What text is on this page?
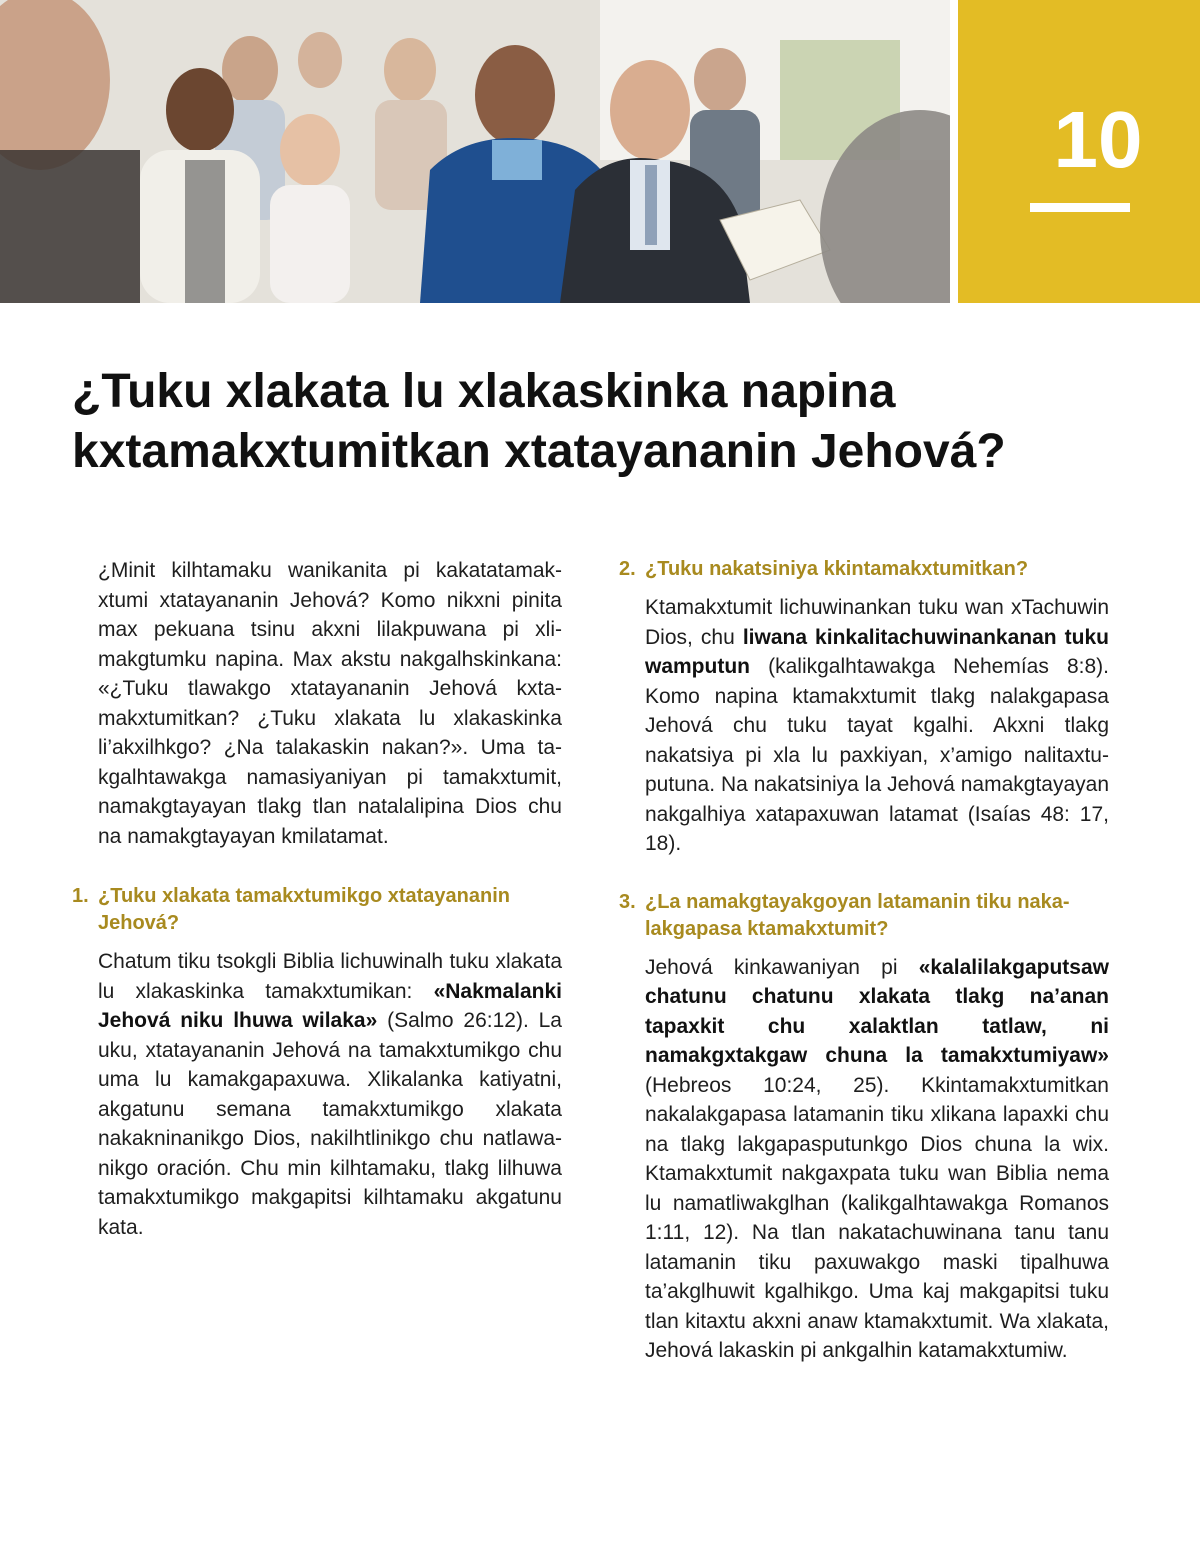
10
¿Tuku xlakata lu xlakaskinka napina kxtamakxtumitkan xtatayananin Jehová?

¿Minit kilhtamaku wanikanita pi kakatatamakxtumi xtatayananin Jehová? Komo nikxni pinita max pekuana tsinu akxni lilakpuwana pi xlimakgtumku napina. Max akstu nakgalhskinkana: «¿Tuku tlawakgo xtatayananin Jehová kxtamakxtumitkan? ¿Tuku xlakata lu xlakaskinka li’akxilhkgo? ¿Na talakaskin nakan?». Uma takgalhtawakga namasiyaniyan pi tamakxtumit, namakgtayayan tlakg tlan natalalipina Dios chu na namakgtayayan kmilatamat.

1. ¿Tuku xlakata tamakxtumikgo xtatayananin Jehová?

Chatum tiku tsokgli Biblia lichuwinalh tuku xlakata lu xlakaskinka tamakxtumikan: «Nakmalanki Jehová niku lhuwa wilaka» (Salmo 26:12). La uku, xtatayananin Jehová na tamakxtumikgo chu uma lu kamakgapaxuwa. Xlikalanka katiyatni, akgatunu semana tamakxtumikgo xlakata nakakninanikgo Dios, nakilhtlinikgo chu natlawanikgo oración. Chu min kilhtamaku, tlakg lilhuwa tamakxtumikgo makgapitsi kilhtamaku akgatunu kata.

2. ¿Tuku nakatsiniya kkintamakxtumitkan?

Ktamakxtumit lichuwinankan tuku wan xTachuwin Dios, chu liwana kinkalitachuwinankanan tuku wamputun (kalikgalhtawakga Nehemías 8:8). Komo napina ktamakxtumit tlakg nalakgapasa Jehová chu tuku tayat kgalhi. Akxni tlakg nakatsiya pi xla lu paxkiyan, x’amigo nalitaxtuputuna. Na nakatsiniya la Jehová namakgtayayan nakgalhiya xatapaxuwan latamat (Isaías 48: 17, 18).

3. ¿La namakgtayakgoyan latamanin tiku nakalakgapasa ktamakxtumit?

Jehová kinkawaniyan pi «kalalilakgaputsaw chatunu chatunu xlakata tlakg na’anan tapaxkit chu xalaktlan tatlaw, ni namakgxtakgaw chuna la tamakxtumiyaw» (Hebreos 10:24, 25). Kkintamakxtumitkan nakalakgapasa latamanin tiku xlikana lapaxki chu na tlakg lakgapasputunkgo Dios chuna la wix. Ktamakxtumit nakgaxpata tuku wan Biblia nema lu namatliwakglhan (kalikgalhtawakga Romanos 1:11, 12). Na tlan nakatachuwinana tanu tanu latamanin tiku paxuwakgo maski tipalhuwa ta’akglhuwit kgalhikgo. Uma kaj makgapitsi tuku tlan kitaxtu akxni anaw ktamakxtumit. Wa xlakata, Jehová lakaskin pi ankgalhin katamakxtumiw.
